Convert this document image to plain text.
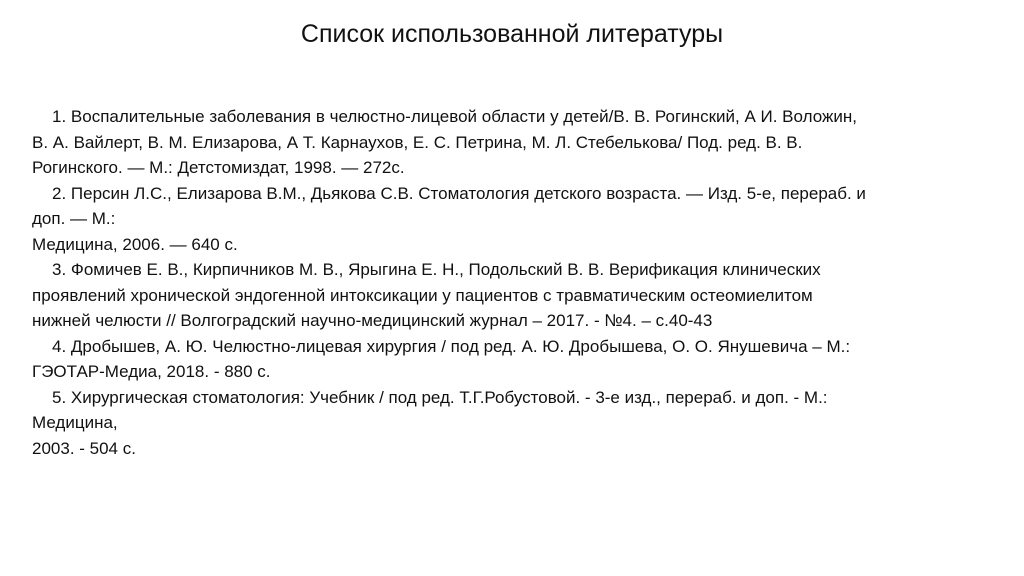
Список использованной литературы
1. Воспалительные заболевания в челюстно-лицевой области у детей/В. В. Рогинский, А И. Воложин,
В. А. Вайлерт, В. М. Елизарова, А Т. Карнаухов, Е. С. Петрина, М. Л. Стебелькова/ Под. ред. В. В.
Рогинского. — М.: Детстомиздат, 1998. — 272с.
2. Персин Л.С., Елизарова В.М., Дьякова С.В. Стоматология детского возраста. — Изд. 5-е, перераб. и
доп. — М.:
Медицина, 2006. — 640 с.
3. Фомичев Е. В., Кирпичников М. В., Ярыгина Е. Н., Подольский В. В. Верификация клинических
проявлений хронической эндогенной интоксикации у пациентов с травматическим остеомиелитом
нижней челюсти // Волгоградский научно-медицинский журнал – 2017. - №4. – с.40-43
4. Дробышев, А. Ю. Челюстно-лицевая хирургия / под ред. А. Ю. Дробышева, О. О. Янушевича – М.:
ГЭОТАР-Медиа, 2018. - 880 с.
5. Хирургическая стоматология: Учебник / под ред. Т.Г.Робустовой. - 3-е изд., перераб. и доп. - М.:
Медицина,
2003. - 504 с.
